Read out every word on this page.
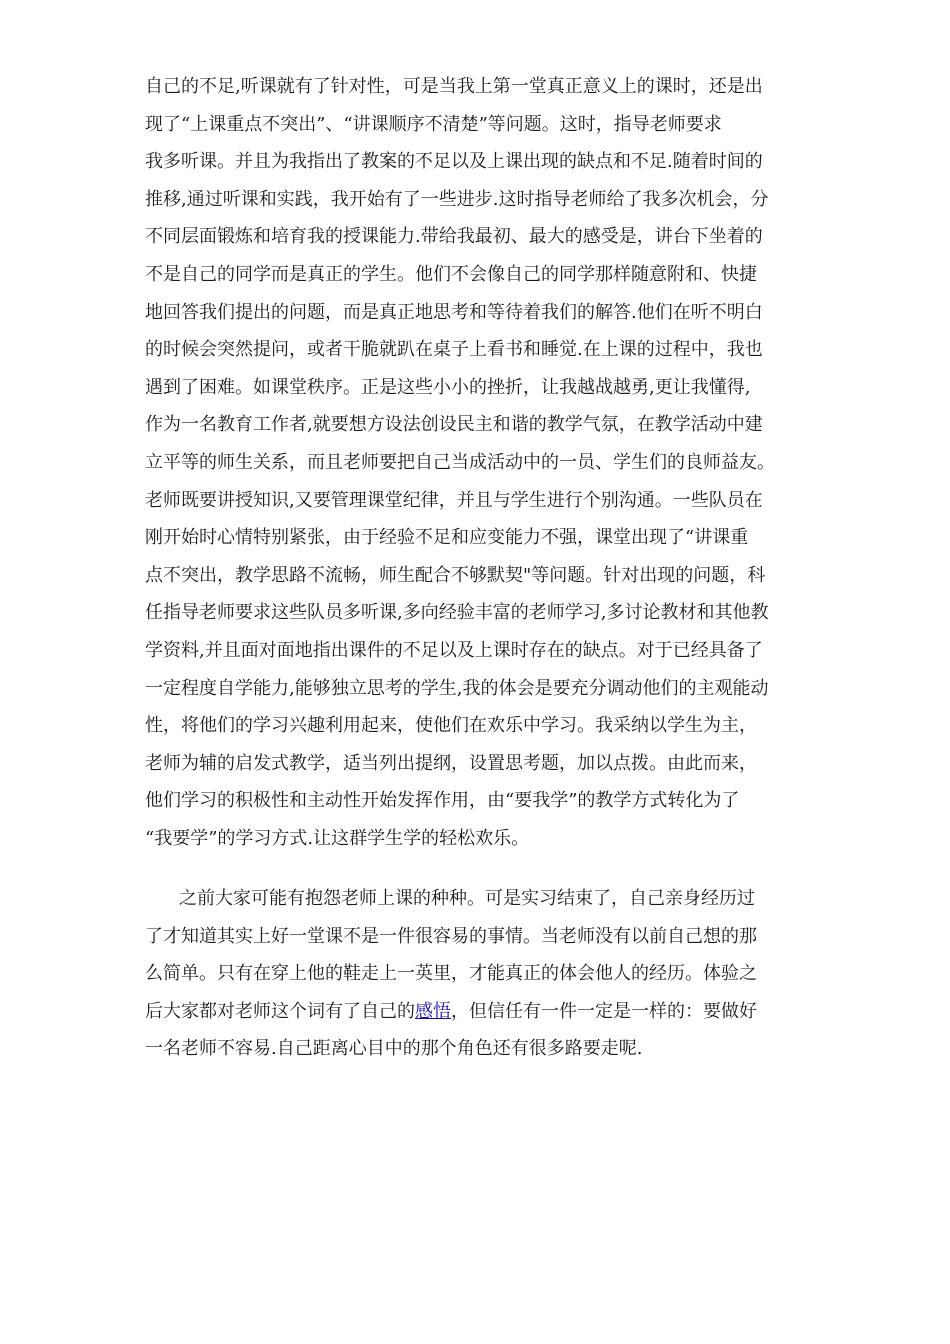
自己的不足,听课就有了针对性，可是当我上第一堂真正意义上的课时，还是出
现了“上课重点不突出”、“讲课顺序不清楚”等问题。这时，指导老师要求
我多听课。并且为我指出了教案的不足以及上课出现的缺点和不足.随着时间的
推移,通过听课和实践，我开始有了一些进步.这时指导老师给了我多次机会，分
不同层面锻炼和培育我的授课能力.带给我最初、最大的感受是，讲台下坐着的
不是自己的同学而是真正的学生。他们不会像自己的同学那样随意附和、快捷
地回答我们提出的问题，而是真正地思考和等待着我们的解答.他们在听不明白
的时候会突然提问，或者干脆就趴在桌子上看书和睡觉.在上课的过程中，我也
遇到了困难。如课堂秩序。正是这些小小的挫折，让我越战越勇,更让我懂得,
作为一名教育工作者,就要想方设法创设民主和谐的教学气氛，在教学活动中建
立平等的师生关系，而且老师要把自己当成活动中的一员、学生们的良师益友。
老师既要讲授知识,又要管理课堂纪律，并且与学生进行个别沟通。一些队员在
刚开始时心情特别紧张，由于经验不足和应变能力不强，课堂出现了“讲课重
点不突出，教学思路不流畅，师生配合不够默契"等问题。针对出现的问题，科
任指导老师要求这些队员多听课,多向经验丰富的老师学习,多讨论教材和其他教
学资料,并且面对面地指出课件的不足以及上课时存在的缺点。对于已经具备了
一定程度自学能力,能够独立思考的学生,我的体会是要充分调动他们的主观能动
性，将他们的学习兴趣利用起来，使他们在欢乐中学习。我采纳以学生为主，
老师为辅的启发式教学，适当列出提纲，设置思考题，加以点拨。由此而来，
他们学习的积极性和主动性开始发挥作用，由“要我学”的教学方式转化为了
“我要学”的学习方式.让这群学生学的轻松欢乐。
之前大家可能有抱怨老师上课的种种。可是实习结束了，自己亲身经历过
了才知道其实上好一堂课不是一件很容易的事情。当老师没有以前自己想的那
么简单。只有在穿上他的鞋走上一英里，才能真正的体会他人的经历。体验之
后大家都对老师这个词有了自己的感悟，但信任有一件一定是一样的：要做好
一名老师不容易.自己距离心目中的那个角色还有很多路要走呢.
